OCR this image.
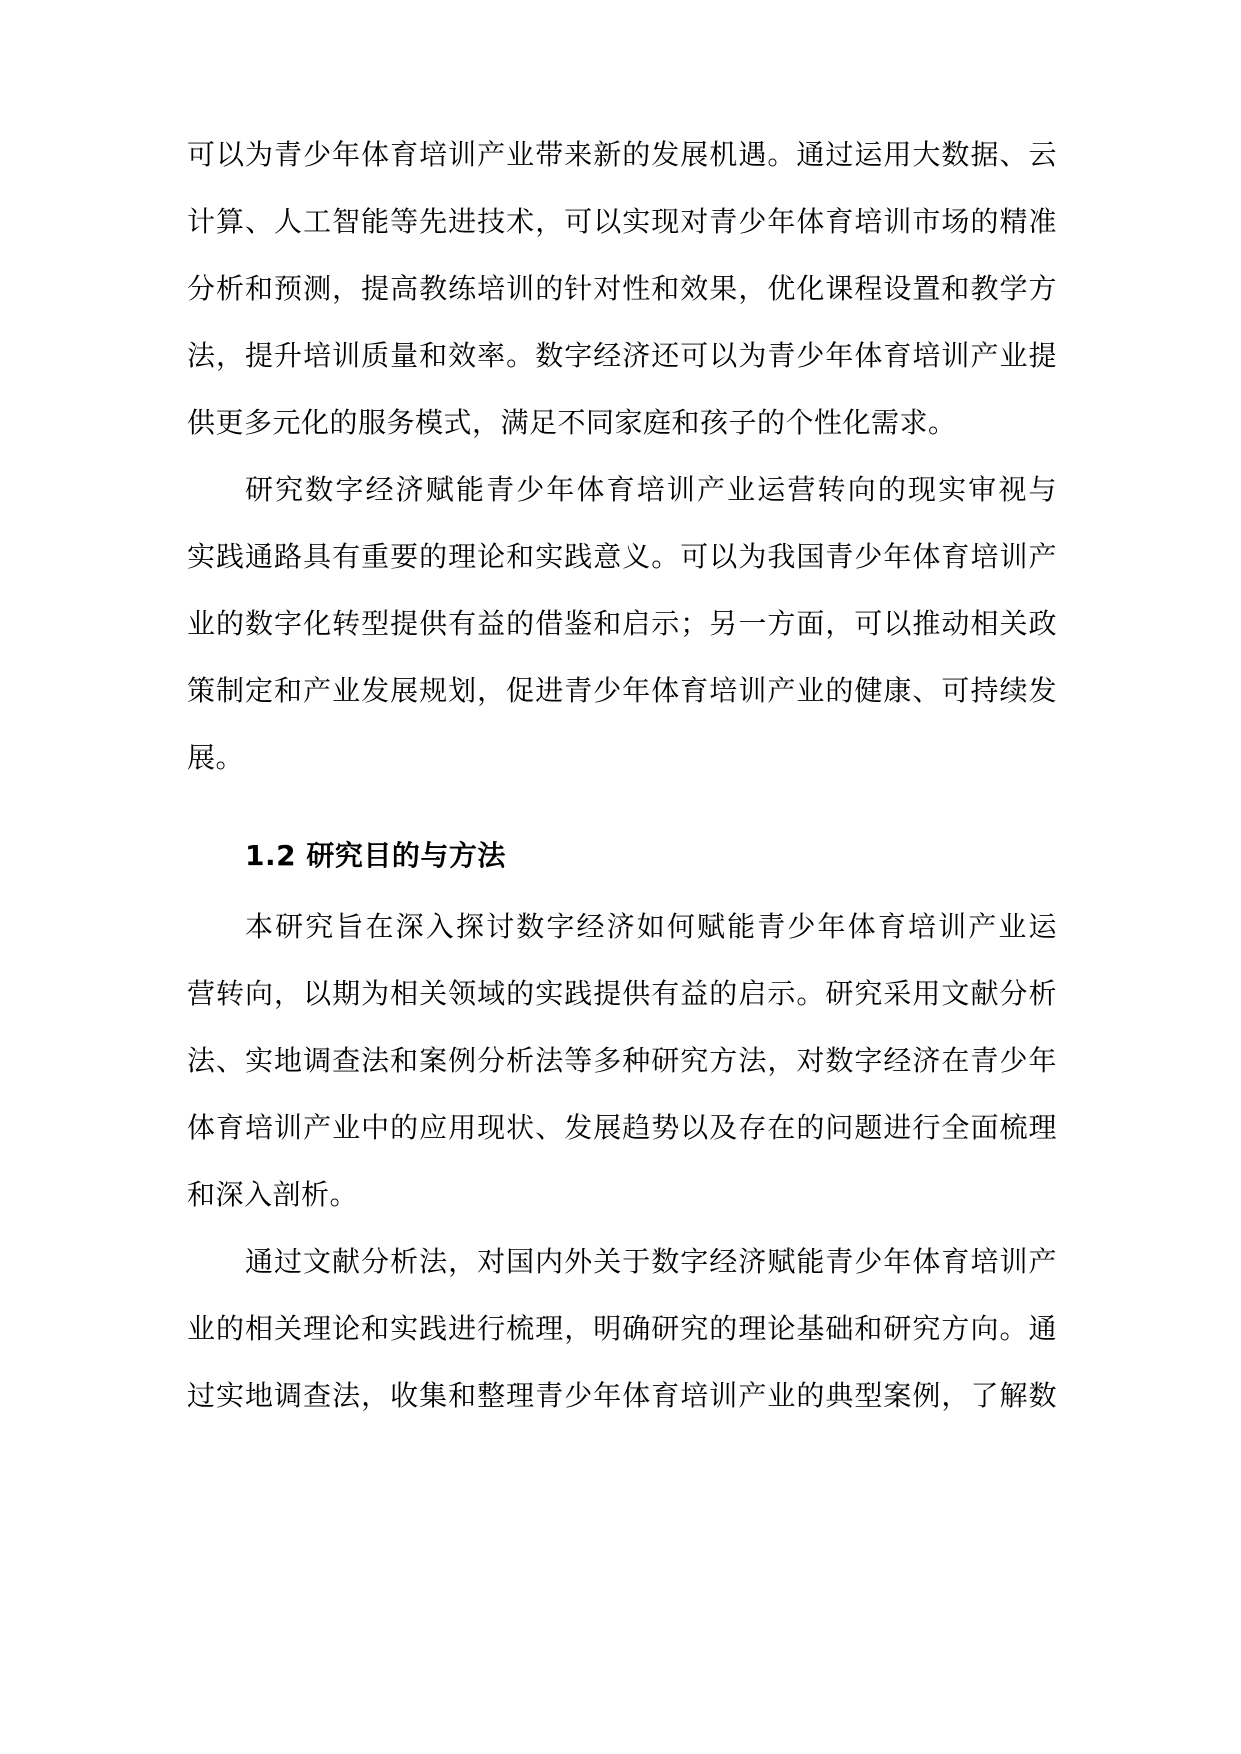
可以为青少年体育培训产业带来新的发展机遇。通过运用大数据、云
计算、人工智能等先进技术，可以实现对青少年体育培训市场的精准
分析和预测，提高教练培训的针对性和效果，优化课程设置和教学方
法，提升培训质量和效率。数字经济还可以为青少年体育培训产业提
供更多元化的服务模式，满足不同家庭和孩子的个性化需求。
研究数字经济赋能青少年体育培训产业运营转向的现实审视与
实践通路具有重要的理论和实践意义。可以为我国青少年体育培训产
业的数字化转型提供有益的借鉴和启示；另一方面，可以推动相关政
策制定和产业发展规划，促进青少年体育培训产业的健康、可持续发
展。
1.2 研究目的与方法
本研究旨在深入探讨数字经济如何赋能青少年体育培训产业运
营转向，以期为相关领域的实践提供有益的启示。研究采用文献分析
法、实地调查法和案例分析法等多种研究方法，对数字经济在青少年
体育培训产业中的应用现状、发展趋势以及存在的问题进行全面梳理
和深入剖析。
通过文献分析法，对国内外关于数字经济赋能青少年体育培训产
业的相关理论和实践进行梳理，明确研究的理论基础和研究方向。通
过实地调查法，收集和整理青少年体育培训产业的典型案例，了解数
